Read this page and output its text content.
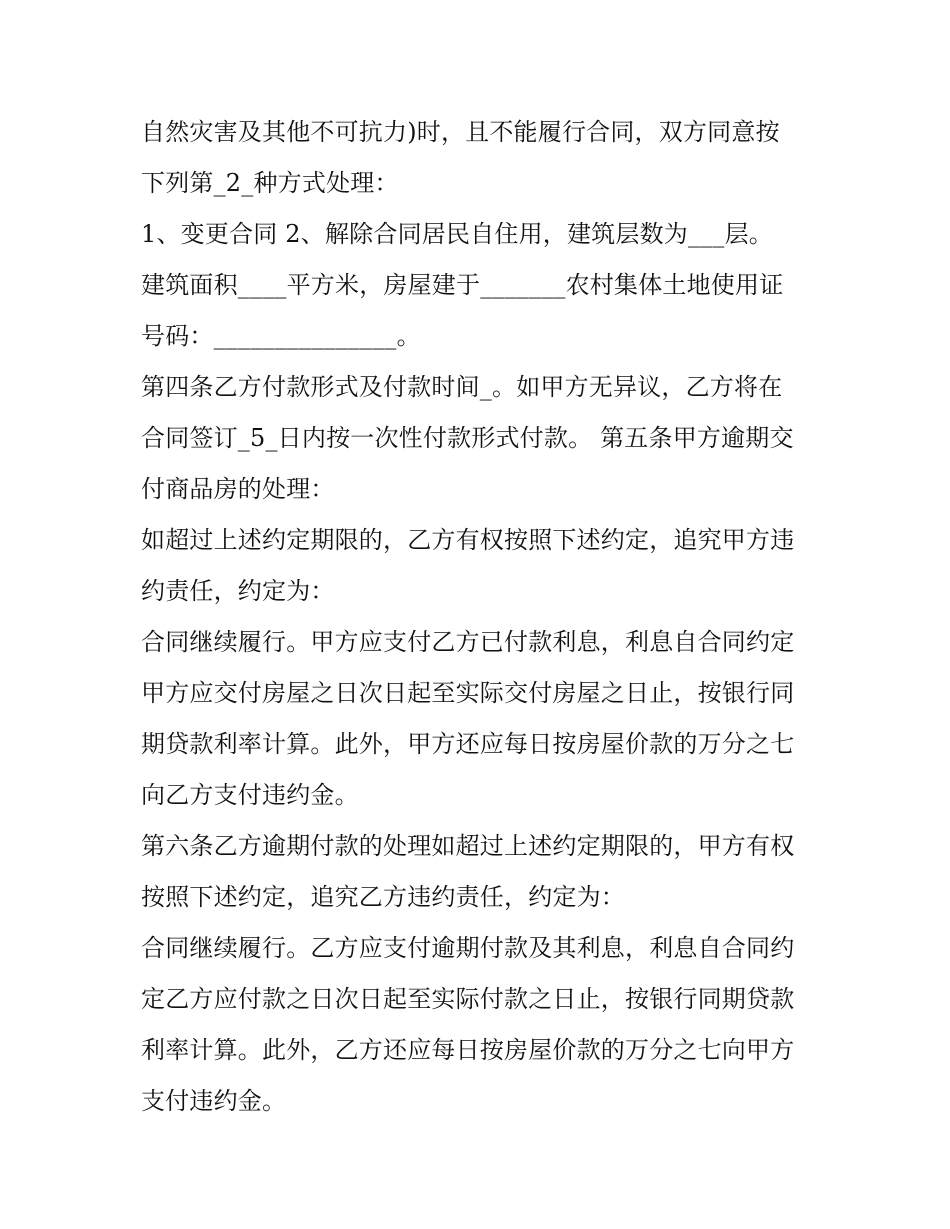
自然灾害及其他不可抗力)时，且不能履行合同，双方同意按
下列第_2_种方式处理：
1、变更合同 2、解除合同居民自住用，建筑层数为___层。
建筑面积____平方米，房屋建于_______农村集体土地使用证
号码：_______________。
第四条乙方付款形式及付款时间_。如甲方无异议，乙方将在
合同签订_5_日内按一次性付款形式付款。 第五条甲方逾期交
付商品房的处理：
如超过上述约定期限的，乙方有权按照下述约定，追究甲方违
约责任，约定为：
合同继续履行。甲方应支付乙方已付款利息，利息自合同约定
甲方应交付房屋之日次日起至实际交付房屋之日止，按银行同
期贷款利率计算。此外，甲方还应每日按房屋价款的万分之七
向乙方支付违约金。
第六条乙方逾期付款的处理如超过上述约定期限的，甲方有权
按照下述约定，追究乙方违约责任，约定为：
合同继续履行。乙方应支付逾期付款及其利息，利息自合同约
定乙方应付款之日次日起至实际付款之日止，按银行同期贷款
利率计算。此外，乙方还应每日按房屋价款的万分之七向甲方
支付违约金。
